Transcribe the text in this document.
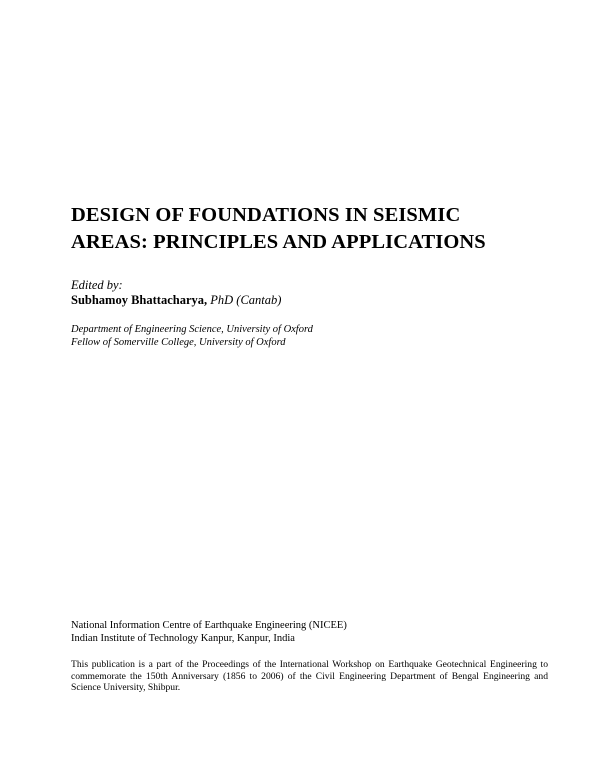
DESIGN OF FOUNDATIONS IN SEISMIC
AREAS: PRINCIPLES AND APPLICATIONS
Edited by:
Subhamoy Bhattacharya, PhD (Cantab)
Department of Engineering Science, University of Oxford
Fellow of Somerville College, University of Oxford
National Information Centre of Earthquake Engineering (NICEE)
Indian Institute of Technology Kanpur, Kanpur, India
This publication is a part of the Proceedings of the International Workshop on Earthquake Geotechnical Engineering to commemorate the 150th Anniversary (1856 to 2006) of the Civil Engineering Department of Bengal Engineering and Science University, Shibpur.
